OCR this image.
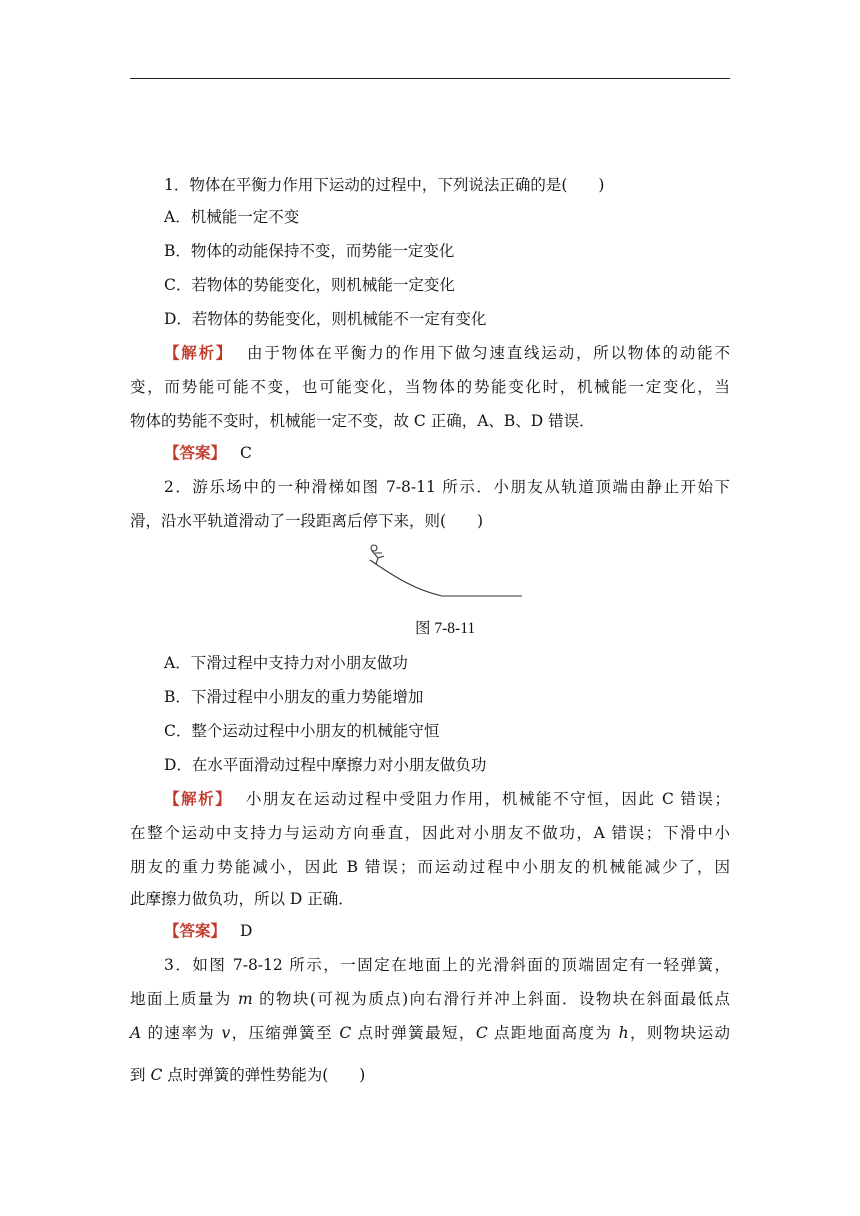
1．物体在平衡力作用下运动的过程中，下列说法正确的是(　　)
A．机械能一定不变
B．物体的动能保持不变，而势能一定变化
C．若物体的势能变化，则机械能一定变化
D．若物体的势能变化，则机械能不一定有变化
【解析】 由于物体在平衡力的作用下做匀速直线运动，所以物体的动能不
变，而势能可能不变，也可能变化，当物体的势能变化时，机械能一定变化，当
物体的势能不变时，机械能一定不变，故 C 正确，A、B、D 错误．
【答案】 C
2．游乐场中的一种滑梯如图 7-8-11 所示．小朋友从轨道顶端由静止开始下
滑，沿水平轨道滑动了一段距离后停下来，则(　　)
图 7-8-11
A．下滑过程中支持力对小朋友做功
B．下滑过程中小朋友的重力势能增加
C．整个运动过程中小朋友的机械能守恒
D．在水平面滑动过程中摩擦力对小朋友做负功
【解析】 小朋友在运动过程中受阻力作用，机械能不守恒，因此 C 错误；
在整个运动中支持力与运动方向垂直，因此对小朋友不做功，A 错误；下滑中小
朋友的重力势能减小，因此 B 错误；而运动过程中小朋友的机械能减少了，因
此摩擦力做负功，所以 D 正确．
【答案】 D
3．如图 7-8-12 所示，一固定在地面上的光滑斜面的顶端固定有一轻弹簧，
地面上质量为 m 的物块(可视为质点)向右滑行并冲上斜面．设物块在斜面最低点
A 的速率为 v，压缩弹簧至 C 点时弹簧最短，C 点距地面高度为 h，则物块运动
到 C 点时弹簧的弹性势能为(　　)
